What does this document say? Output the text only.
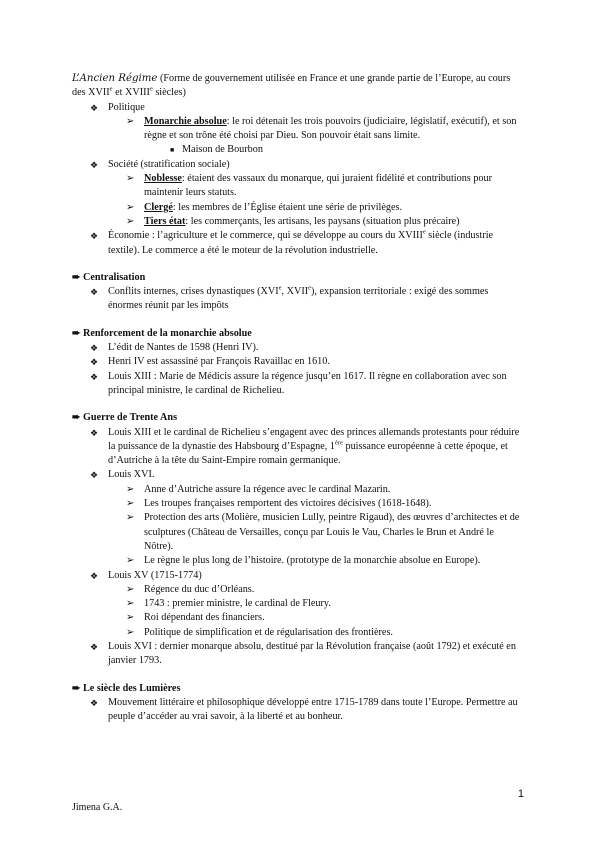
L’Ancien Régime (Forme de gouvernement utilisée en France et une grande partie de l’Europe, au cours des XVIIe et XVIIIe siècles)
❖ Politique
➢ Monarchie absolue: le roi détenait les trois pouvoirs (judiciaire, législatif, exécutif), et son règne et son trône été choisi par Dieu. Son pouvoir était sans limite.
■ Maison de Bourbon
❖ Société (stratification sociale)
➢ Noblesse: étaient des vassaux du monarque, qui juraient fidélité et contributions pour maintenir leurs statuts.
➢ Clergé: les membres de l’Église étaient une série de privilèges.
➢ Tiers état: les commerçants, les artisans, les paysans (situation plus précaire)
❖ Économie : l’agriculture et le commerce, qui se développe au cours du XVIIIe siècle (industrie textile). Le commerce a été le moteur de la révolution industrielle.
➨ Centralisation
❖ Conflits internes, crises dynastiques (XVIe, XVIIe), expansion territoriale : exigé des sommes énormes réunit par les impôts
➨ Renforcement de la monarchie absolue
❖ L’édit de Nantes de 1598 (Henri IV).
❖ Henri IV est assassiné par François Ravaillac en 1610.
❖ Louis XIII : Marie de Médicis assure la régence jusqu’en 1617. Il règne en collaboration avec son principal ministre, le cardinal de Richelieu.
➨ Guerre de Trente Ans
❖ Louis XIII et le cardinal de Richelieu s’engagent avec des princes allemands protestants pour réduire la puissance de la dynastie des Habsbourg d’Espagne, 1ère puissance européenne à cette époque, et d’Autriche à la tête du Saint-Empire romain germanique.
❖ Louis XVI.
➢ Anne d’Autriche assure la régence avec le cardinal Mazarin.
➢ Les troupes françaises remportent des victoires décisives (1618-1648).
➢ Protection des arts (Molière, musicien Lully, peintre Rigaud), des œuvres d’architectes et de sculptures (Château de Versailles, conçu par Louis le Vau, Charles le Brun et André le Nôtre).
➢ Le règne le plus long de l’histoire. (prototype de la monarchie absolue en Europe).
❖ Louis XV (1715-1774)
➢ Régence du duc d’Orléans.
➢ 1743 : premier ministre, le cardinal de Fleury.
➢ Roi dépendant des financiers.
➢ Politique de simplification et de régularisation des frontières.
❖ Louis XVI : dernier monarque absolu, destitué par la Révolution française (août 1792) et exécuté en janvier 1793.
➨ Le siècle des Lumières
❖ Mouvement littéraire et philosophique développé entre 1715-1789 dans toute l’Europe. Permettre au peuple d’accéder au vrai savoir, à la liberté et au bonheur.
1
Jimena G.A.
